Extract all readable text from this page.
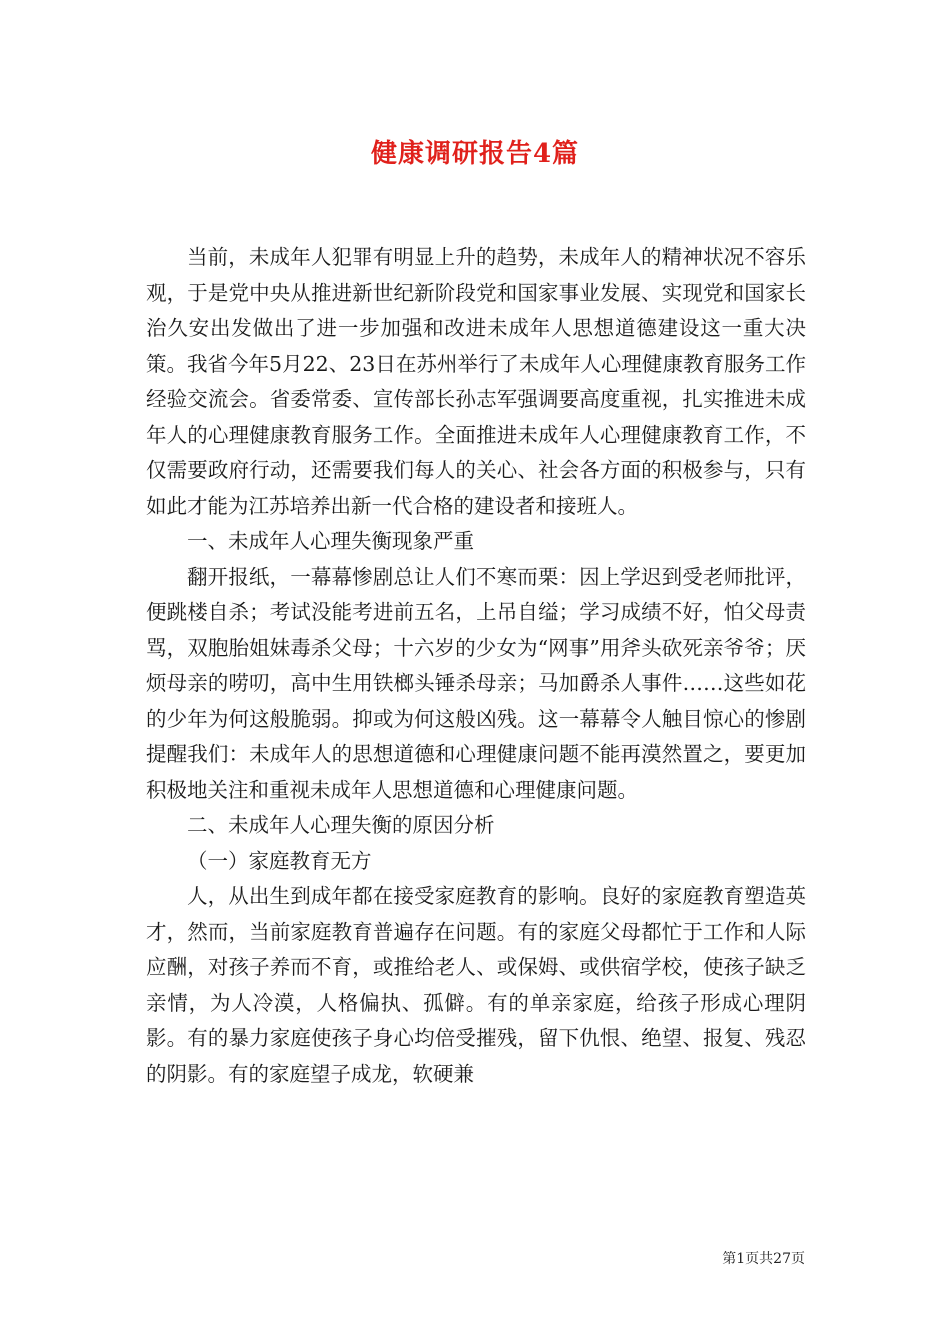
健康调研报告4篇

当前，未成年人犯罪有明显上升的趋势，未成年人的精神状况不容乐观，于是党中央从推进新世纪新阶段党和国家事业发展、实现党和国家长治久安出发做出了进一步加强和改进未成年人思想道德建设这一重大决策。我省今年5月22、23日在苏州举行了未成年人心理健康教育服务工作经验交流会。省委常委、宣传部长孙志军强调要高度重视，扎实推进未成年人的心理健康教育服务工作。全面推进未成年人心理健康教育工作，不仅需要政府行动，还需要我们每人的关心、社会各方面的积极参与，只有如此才能为江苏培养出新一代合格的建设者和接班人。

一、未成年人心理失衡现象严重

翻开报纸，一幕幕惨剧总让人们不寒而栗：因上学迟到受老师批评，便跳楼自杀；考试没能考进前五名，上吊自缢；学习成绩不好，怕父母责骂，双胞胎姐妹毒杀父母；十六岁的少女为“网事”用斧头砍死亲爷爷；厌烦母亲的唠叨，高中生用铁榔头锤杀母亲；马加爵杀人事件……这些如花的少年为何这般脆弱。抑或为何这般凶残。这一幕幕令人触目惊心的惨剧提醒我们：未成年人的思想道德和心理健康问题不能再漠然置之，要更加积极地关注和重视未成年人思想道德和心理健康问题。

二、未成年人心理失衡的原因分析

（一）家庭教育无方

人，从出生到成年都在接受家庭教育的影响。良好的家庭教育塑造英才，然而，当前家庭教育普遍存在问题。有的家庭父母都忙于工作和人际应酬，对孩子养而不育，或推给老人、或保姆、或供宿学校，使孩子缺乏亲情，为人冷漠，人格偏执、孤僻。有的单亲家庭，给孩子形成心理阴影。有的暴力家庭使孩子身心均倍受摧残，留下仇恨、绝望、报复、残忍的阴影。有的家庭望子成龙，软硬兼

第1页共27页
